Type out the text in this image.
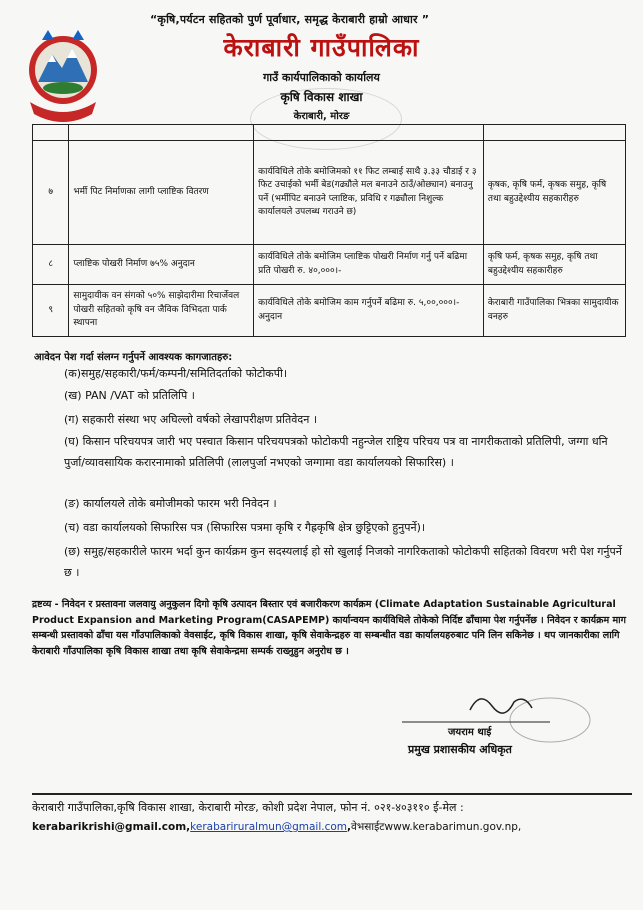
“कृषि,पर्यटन सहितको पुर्ण पूर्वाधार, समृद्ध केराबारी हाम्रो आधार ”
केराबारी गाउँपालिका
गाउँ कार्यपालिकाको कार्यालय
कृषि विकास शाखा
केराबारी, मोरङ

७	भर्मी पिट निर्माणका लागी प्लाष्टिक वितरण	कार्यविधिले तोके बमोजिमको ११ फिट लम्बाई साथै ३.३३ चौडाई र ३ फिट उचाईको भर्मी बेड(गढ्यौले मल बनाउने ठाउँ/ओछ्यान) बनाउनु पर्ने (भर्मीपिट बनाउने प्लाष्टिक, प्रविधि र गढ्यौला निशुल्क कार्यालयले उपलब्ध गराउने छ)	कृषक, कृषि फर्म, कृषक समुह, कृषि तथा बहुउद्देश्यीय सहकारीहरु
८	प्लाष्टिक पोखरी निर्माण ७५% अनुदान	कार्यविधिले तोके बमोजिम प्लाष्टिक पोखरी निर्माण गर्नु पर्ने बढिमा प्रति पोखरी रु. ४०,०००।-	कृषि फर्म, कृषक समुह, कृषि तथा बहुउद्देश्यीय सहकारीहरु
९	सामुदायीक वन संगको ५०% साझेदारीमा रिचार्जेवल पोखरी सहितको कृषि वन जैविक विभिदता पार्क स्थापना	कार्यविधिले तोके बमोजिम काम गर्नुपर्ने बढिमा रु. ५,००,०००।- अनुदान	केराबारी गाउँपालिका भित्रका सामुदायीक वनहरु
आवेदन पेश गर्दा संलग्न गर्नुपर्ने आवश्यक कागजातहरु:
(क)समुह/सहकारी/फर्म/कम्पनी/समितिदर्ताको फोटोकपी।
(ख) PAN /VAT को प्रतिलिपि ।
(ग) सहकारी संस्था भए अघिल्लो वर्षको लेखापरीक्षण प्रतिवेदन ।
(घ) किसान परिचयपत्र जारी भए पस्चात किसान परिचयपत्रको फोटोकपी नहुन्जेल राष्ट्रिय परिचय पत्र वा नागरीकताको प्रतिलिपी, जग्गा धनि पुर्जा/व्यावसायिक करारनामाको प्रतिलिपी (लालपुर्जा नभएको जग्गामा वडा कार्यालयको सिफारिस) ।
(ङ) कार्यालयले तोके बमोजीमको फारम भरी निवेदन ।
(च) वडा कार्यालयको सिफारिस पत्र (सिफारिस पत्रमा कृषि र गैह्रकृषि क्षेत्र छुट्टिएको हुनुपर्ने)।
(छ) समुह/सहकारीले फारम भर्दा कुन कार्यक्रम कुन सदस्यलाई हो सो खुलाई निजको नागरिकताको फोटोकपी सहितको विवरण भरी पेश गर्नुपर्ने छ ।
द्रष्टव्य - निवेदन र प्रस्तावना जलवायु अनुकुलन दिगो कृषि उत्पादन बिस्तार एवं बजारीकरण कार्यक्रम (Climate Adaptation Sustainable Agricultural Product Expansion and Marketing Program(CASAPEMP) कार्यान्वयन कार्यविधिले तोकेको निर्दिष्ट ढाँचामा पेश गर्नुपर्नेछ । निवेदन र कार्यक्रम माग सम्बन्धी प्रस्तावको ढाँचा यस गाँउपालिकाको वेवसाईट, कृषि विकास शाखा, कृषि सेवाकेन्द्रहरु वा सम्बन्धीत वडा कार्यालयहरुबाट पनि लिन सकिनेछ । थप जानकारीका लागि केराबारी गाँउपालिका कृषि विकास शाखा तथा कृषि सेवाकेन्द्रमा सम्पर्क राख्नुहुन अनुरोध छ ।
जयराम थाई
प्रमुख प्रशासकीय अधिकृत
केराबारी गाउँपालिका,कृषि विकास शाखा, केराबारी मोरङ, कोशी प्रदेश नेपाल, फोन नं. ०२१-४०३११० ई-मेल :
kerabarikrishi@gmail.com,kerabariruralmun@gmail.com,वेभसाईटwww.kerabarimun.gov.np,
